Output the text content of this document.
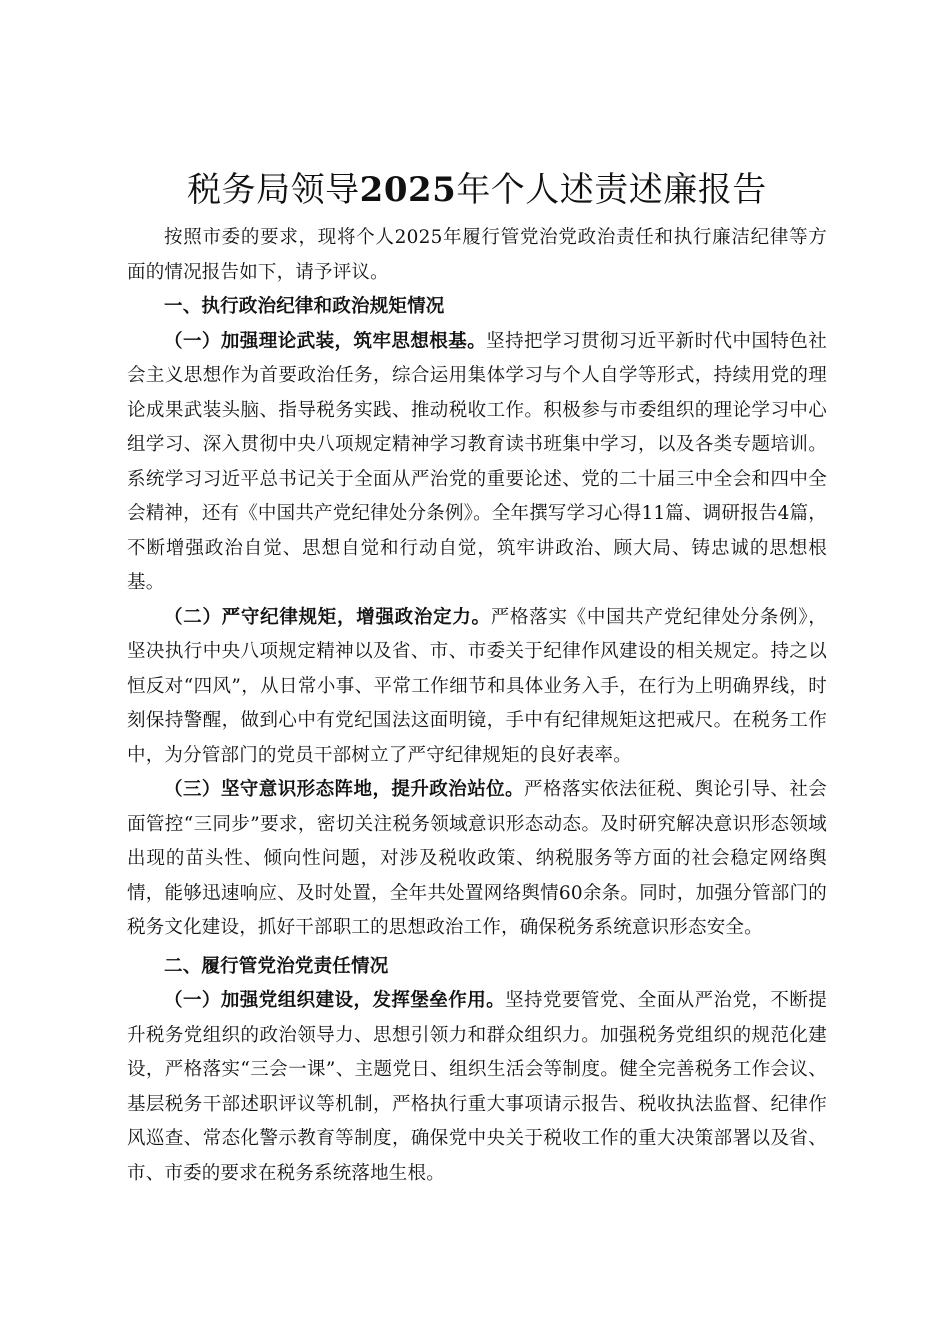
税务局领导2025年个人述责述廉报告

按照市委的要求，现将个人2025年履行管党治党政治责任和执行廉洁纪律等方面的情况报告如下，请予评议。

一、执行政治纪律和政治规矩情况

（一）加强理论武装，筑牢思想根基。坚持把学习贯彻习近平新时代中国特色社会主义思想作为首要政治任务，综合运用集体学习与个人自学等形式，持续用党的理论成果武装头脑、指导税务实践、推动税收工作。积极参与市委组织的理论学习中心组学习、深入贯彻中央八项规定精神学习教育读书班集中学习，以及各类专题培训。系统学习习近平总书记关于全面从严治党的重要论述、党的二十届三中全会和四中全会精神，还有《中国共产党纪律处分条例》。全年撰写学习心得11篇、调研报告4篇，不断增强政治自觉、思想自觉和行动自觉，筑牢讲政治、顾大局、铸忠诚的思想根基。

（二）严守纪律规矩，增强政治定力。严格落实《中国共产党纪律处分条例》，坚决执行中央八项规定精神以及省、市、市委关于纪律作风建设的相关规定。持之以恒反对“四风”，从日常小事、平常工作细节和具体业务入手，在行为上明确界线，时刻保持警醒，做到心中有党纪国法这面明镜，手中有纪律规矩这把戒尺。在税务工作中，为分管部门的党员干部树立了严守纪律规矩的良好表率。

（三）坚守意识形态阵地，提升政治站位。严格落实依法征税、舆论引导、社会面管控“三同步”要求，密切关注税务领域意识形态动态。及时研究解决意识形态领域出现的苗头性、倾向性问题，对涉及税收政策、纳税服务等方面的社会稳定网络舆情，能够迅速响应、及时处置，全年共处置网络舆情60余条。同时，加强分管部门的税务文化建设，抓好干部职工的思想政治工作，确保税务系统意识形态安全。

二、履行管党治党责任情况

（一）加强党组织建设，发挥堡垒作用。坚持党要管党、全面从严治党，不断提升税务党组织的政治领导力、思想引领力和群众组织力。加强税务党组织的规范化建设，严格落实“三会一课”、主题党日、组织生活会等制度。健全完善税务工作会议、基层税务干部述职评议等机制，严格执行重大事项请示报告、税收执法监督、纪律作风巡查、常态化警示教育等制度，确保党中央关于税收工作的重大决策部署以及省、市、市委的要求在税务系统落地生根。
